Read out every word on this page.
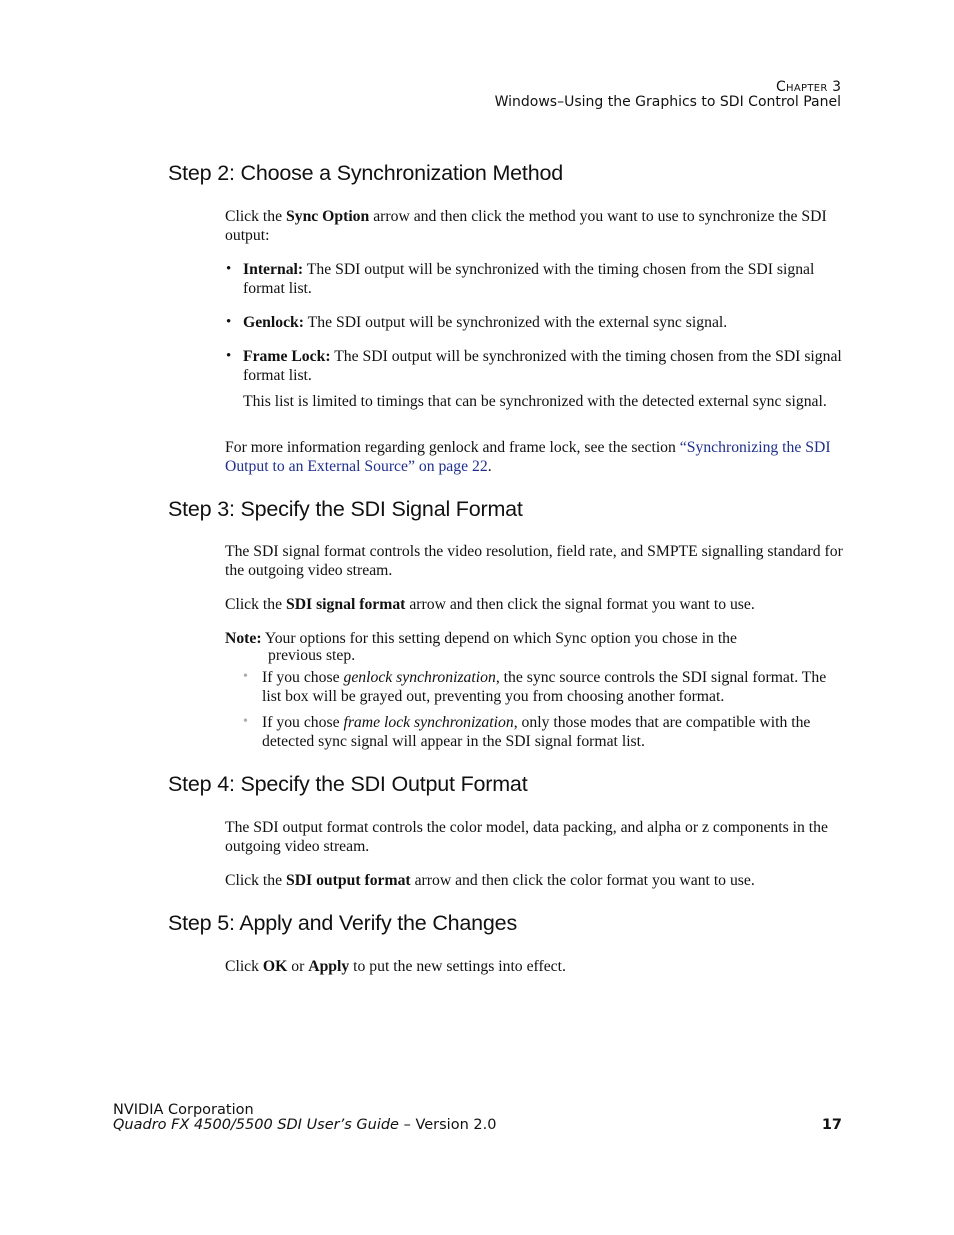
Chapter 3
Windows–Using the Graphics to SDI Control Panel
Step 2: Choose a Synchronization Method

Click the Sync Option arrow and then click the method you want to use to synchronize the SDI output:

• Internal: The SDI output will be synchronized with the timing chosen from the SDI signal format list.
• Genlock: The SDI output will be synchronized with the external sync signal.
• Frame Lock: The SDI output will be synchronized with the timing chosen from the SDI signal format list.
This list is limited to timings that can be synchronized with the detected external sync signal.

For more information regarding genlock and frame lock, see the section “Synchronizing the SDI Output to an External Source” on page 22.

Step 3: Specify the SDI Signal Format

The SDI signal format controls the video resolution, field rate, and SMPTE signalling standard for the outgoing video stream.

Click the SDI signal format arrow and then click the signal format you want to use.

Note: Your options for this setting depend on which Sync option you chose in the

previous step.

• If you chose genlock synchronization, the sync source controls the SDI signal format. The list box will be grayed out, preventing you from choosing another format.
• If you chose frame lock synchronization, only those modes that are compatible with the detected sync signal will appear in the SDI signal format list.
Step 4: Specify the SDI Output Format

The SDI output format controls the color model, data packing, and alpha or z components in the outgoing video stream.

Click the SDI output format arrow and then click the color format you want to use.

Step 5: Apply and Verify the Changes

Click OK or Apply to put the new settings into effect.

NVIDIA Corporation
Quadro FX 4500/5500 SDI User’s Guide – Version 2.0	17
